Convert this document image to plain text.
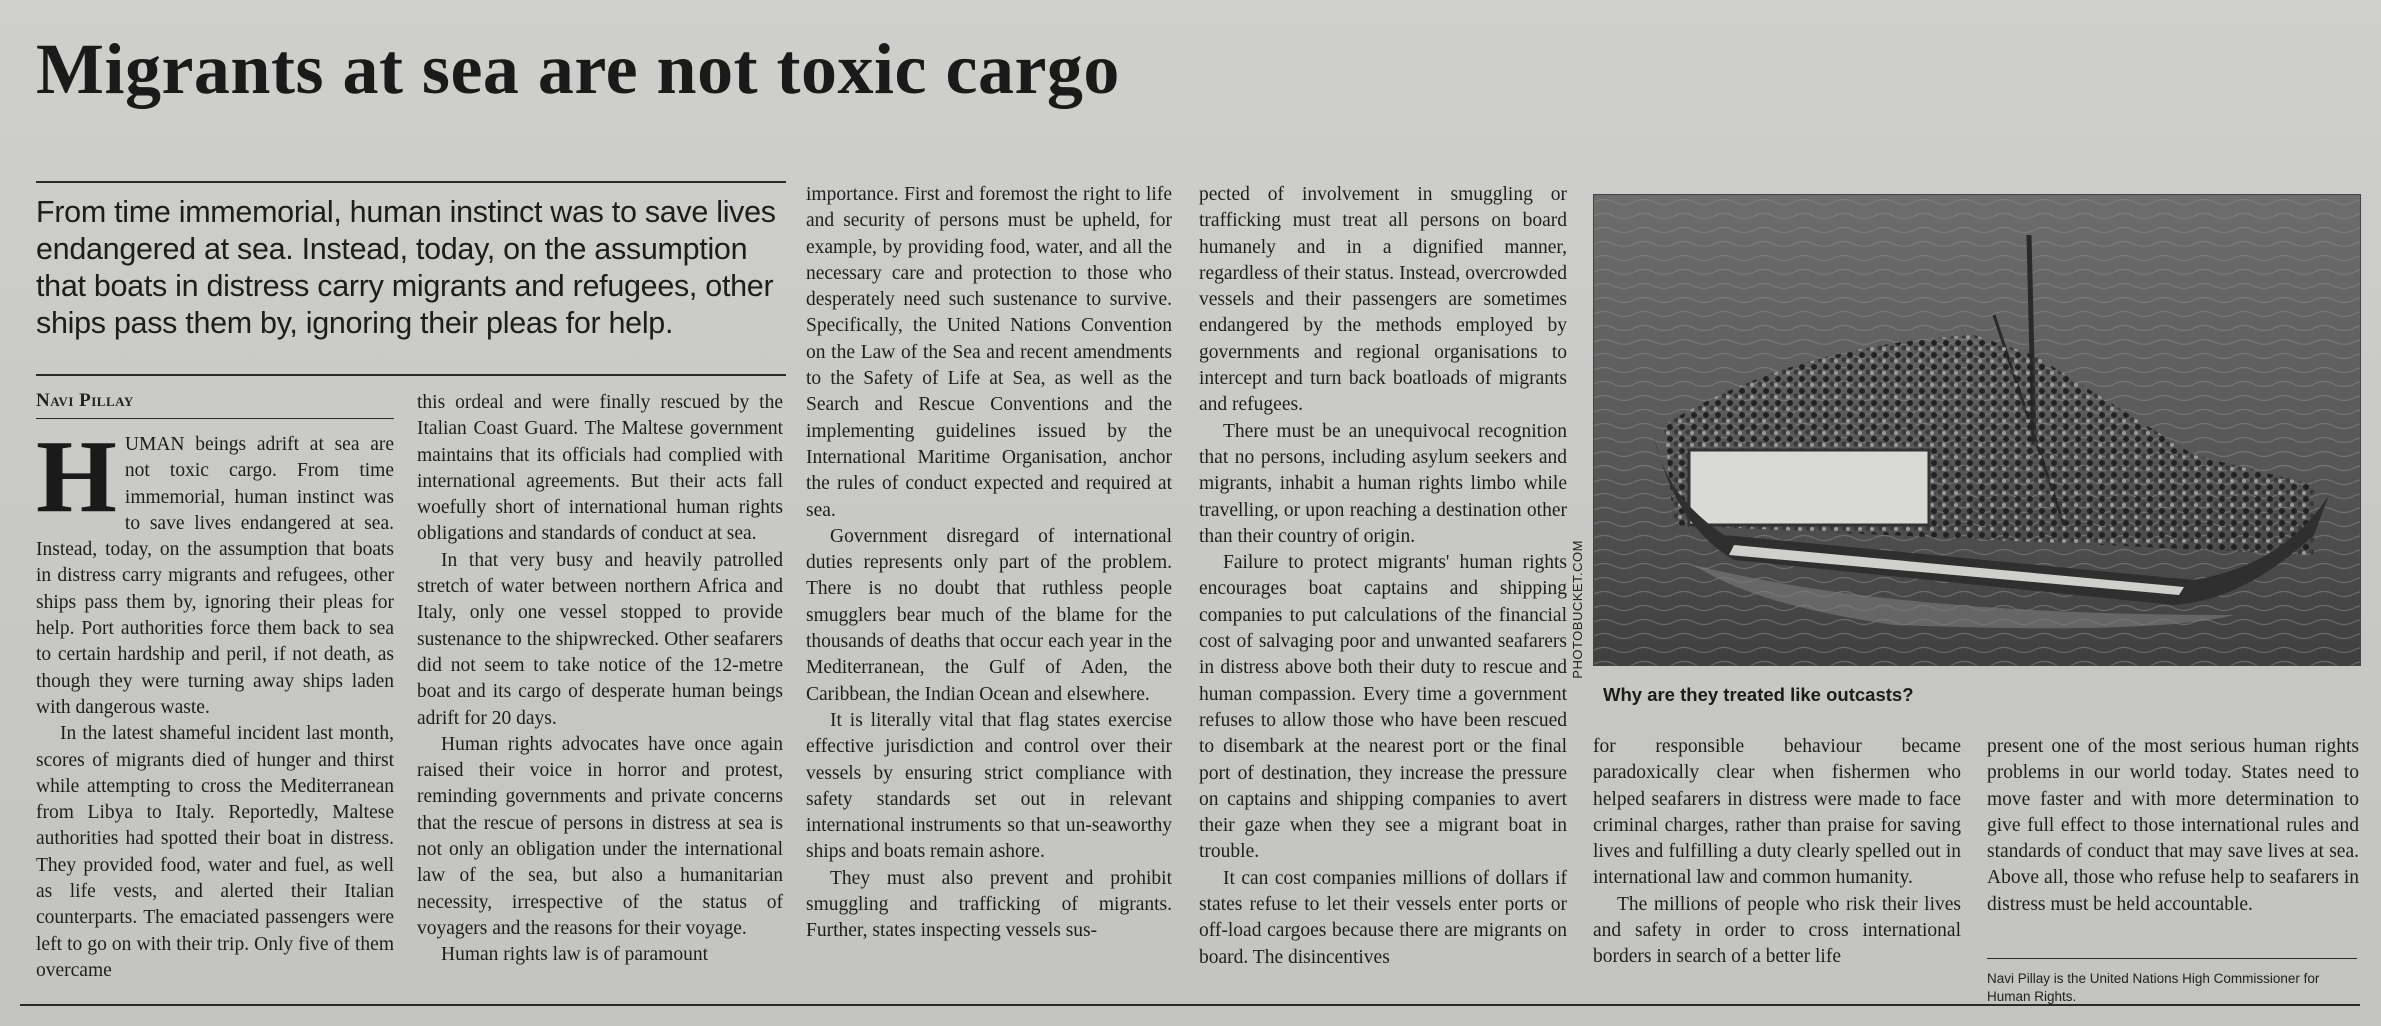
Migrants at sea are not toxic cargo

From time immemorial, human instinct was to save lives endangered at sea. Instead, today, on the assumption that boats in distress carry migrants and refugees, other ships pass them by, ignoring their pleas for help.

Navi Pillay

HUMAN beings adrift at sea are not toxic cargo. From time immemorial, human instinct was to save lives endangered at sea. Instead, today, on the assumption that boats in distress carry migrants and refugees, other ships pass them by, ignoring their pleas for help. Port authorities force them back to sea to certain hardship and peril, if not death, as though they were turning away ships laden with dangerous waste.

In the latest shameful incident last month, scores of migrants died of hunger and thirst while attempting to cross the Mediterranean from Libya to Italy. Reportedly, Maltese authorities had spotted their boat in distress. They provided food, water and fuel, as well as life vests, and alerted their Italian counterparts. The emaciated passengers were left to go on with their trip. Only five of them overcame

this ordeal and were finally rescued by the Italian Coast Guard. The Maltese government maintains that its officials had complied with international agreements. But their acts fall woefully short of international human rights obligations and standards of conduct at sea.

In that very busy and heavily patrolled stretch of water between northern Africa and Italy, only one vessel stopped to provide sustenance to the shipwrecked. Other seafarers did not seem to take notice of the 12-metre boat and its cargo of desperate human beings adrift for 20 days.

Human rights advocates have once again raised their voice in horror and protest, reminding governments and private concerns that the rescue of persons in distress at sea is not only an obligation under the international law of the sea, but also a humanitarian necessity, irrespective of the status of voyagers and the reasons for their voyage.

Human rights law is of paramount

importance. First and foremost the right to life and security of persons must be upheld, for example, by providing food, water, and all the necessary care and protection to those who desperately need such sustenance to survive. Specifically, the United Nations Convention on the Law of the Sea and recent amendments to the Safety of Life at Sea, as well as the Search and Rescue Conventions and the implementing guidelines issued by the International Maritime Organisation, anchor the rules of conduct expected and required at sea.

Government disregard of international duties represents only part of the problem. There is no doubt that ruthless people smugglers bear much of the blame for the thousands of deaths that occur each year in the Mediterranean, the Gulf of Aden, the Caribbean, the Indian Ocean and elsewhere.

It is literally vital that flag states exercise effective jurisdiction and control over their vessels by ensuring strict compliance with safety standards set out in relevant international instruments so that un-seaworthy ships and boats remain ashore.

They must also prevent and prohibit smuggling and trafficking of migrants. Further, states inspecting vessels sus-

pected of involvement in smuggling or trafficking must treat all persons on board humanely and in a dignified manner, regardless of their status. Instead, overcrowded vessels and their passengers are sometimes endangered by the methods employed by governments and regional organisations to intercept and turn back boatloads of migrants and refugees.

There must be an unequivocal recognition that no persons, including asylum seekers and migrants, inhabit a human rights limbo while travelling, or upon reaching a destination other than their country of origin.

Failure to protect migrants' human rights encourages boat captains and shipping companies to put calculations of the financial cost of salvaging poor and unwanted seafarers in distress above both their duty to rescue and human compassion. Every time a government refuses to allow those who have been rescued to disembark at the nearest port or the final port of destination, they increase the pressure on captains and shipping companies to avert their gaze when they see a migrant boat in trouble.

It can cost companies millions of dollars if states refuse to let their vessels enter ports or off-load cargoes because there are migrants on board. The disincentives

PHOTOBUCKET.COM
Why are they treated like outcasts?

for responsible behaviour became paradoxically clear when fishermen who helped seafarers in distress were made to face criminal charges, rather than praise for saving lives and fulfilling a duty clearly spelled out in international law and common humanity.

The millions of people who risk their lives and safety in order to cross international borders in search of a better life

present one of the most serious human rights problems in our world today. States need to move faster and with more determination to give full effect to those international rules and standards of conduct that may save lives at sea. Above all, those who refuse help to seafarers in distress must be held accountable.

Navi Pillay is the United Nations High Commissioner for Human Rights.
